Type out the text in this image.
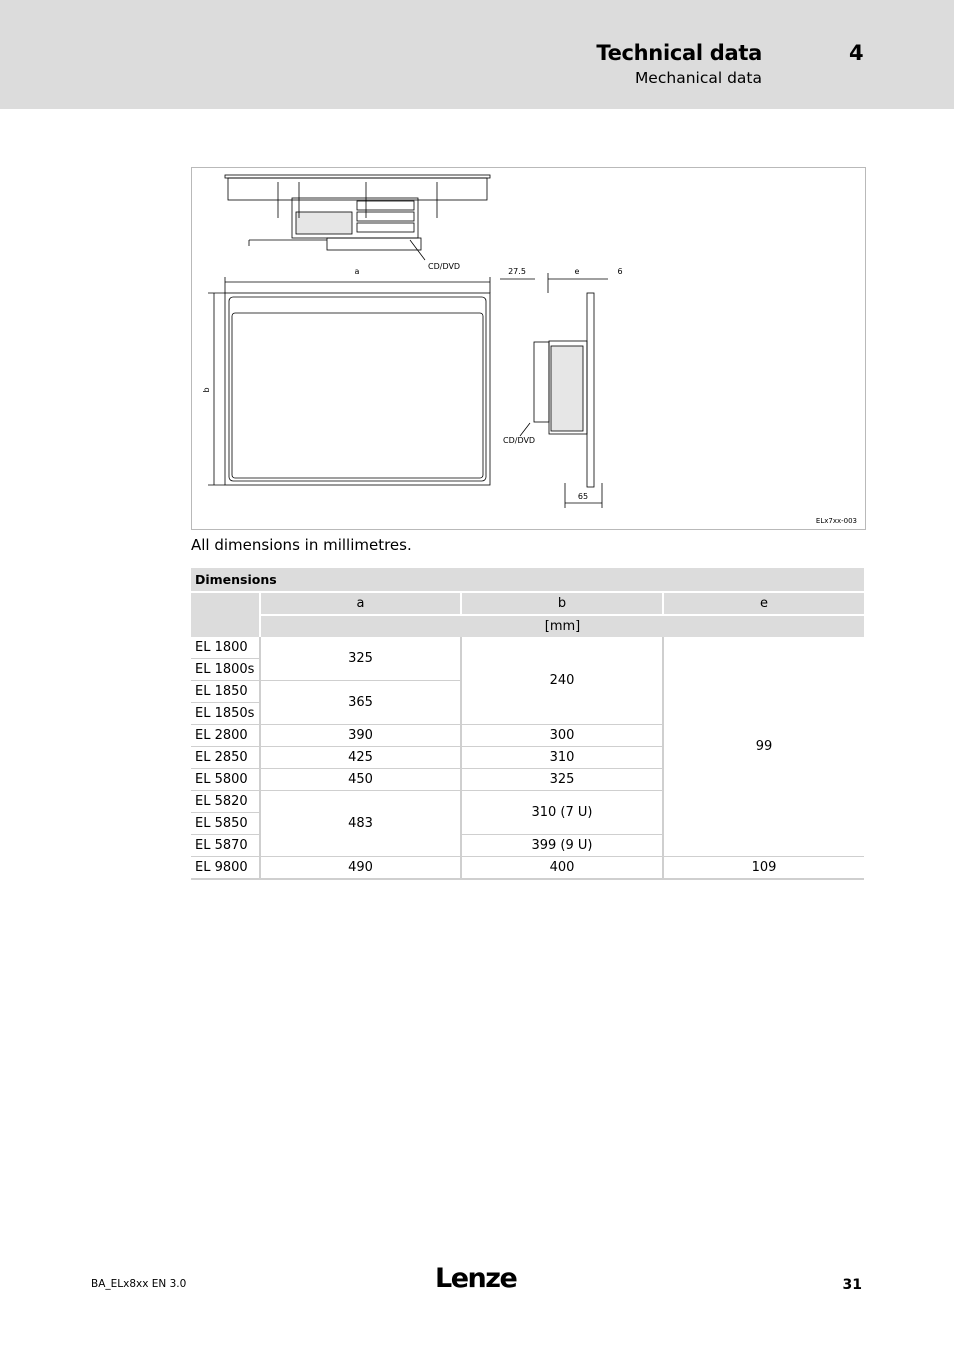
Technical data	4
Mechanical data
a
b
e
27.5	6
65
CD/DVD
CD/DVD
ELx7xx-003
All dimensions in millimetres.
Dimensions			
	a	b	e
	[mm]		
EL 1800	325	240	99
EL 1800s			
EL 1850	365		
EL 1850s			
EL 2800	390	300	
EL 2850	425	310	
EL 5800	450	325	
EL 5820	483	310 (7 U)	
EL 5850			
EL 5870		399 (9 U)	
EL 9800	490	400	109
BA_ELx8xx EN 3.0	Lenze	31
